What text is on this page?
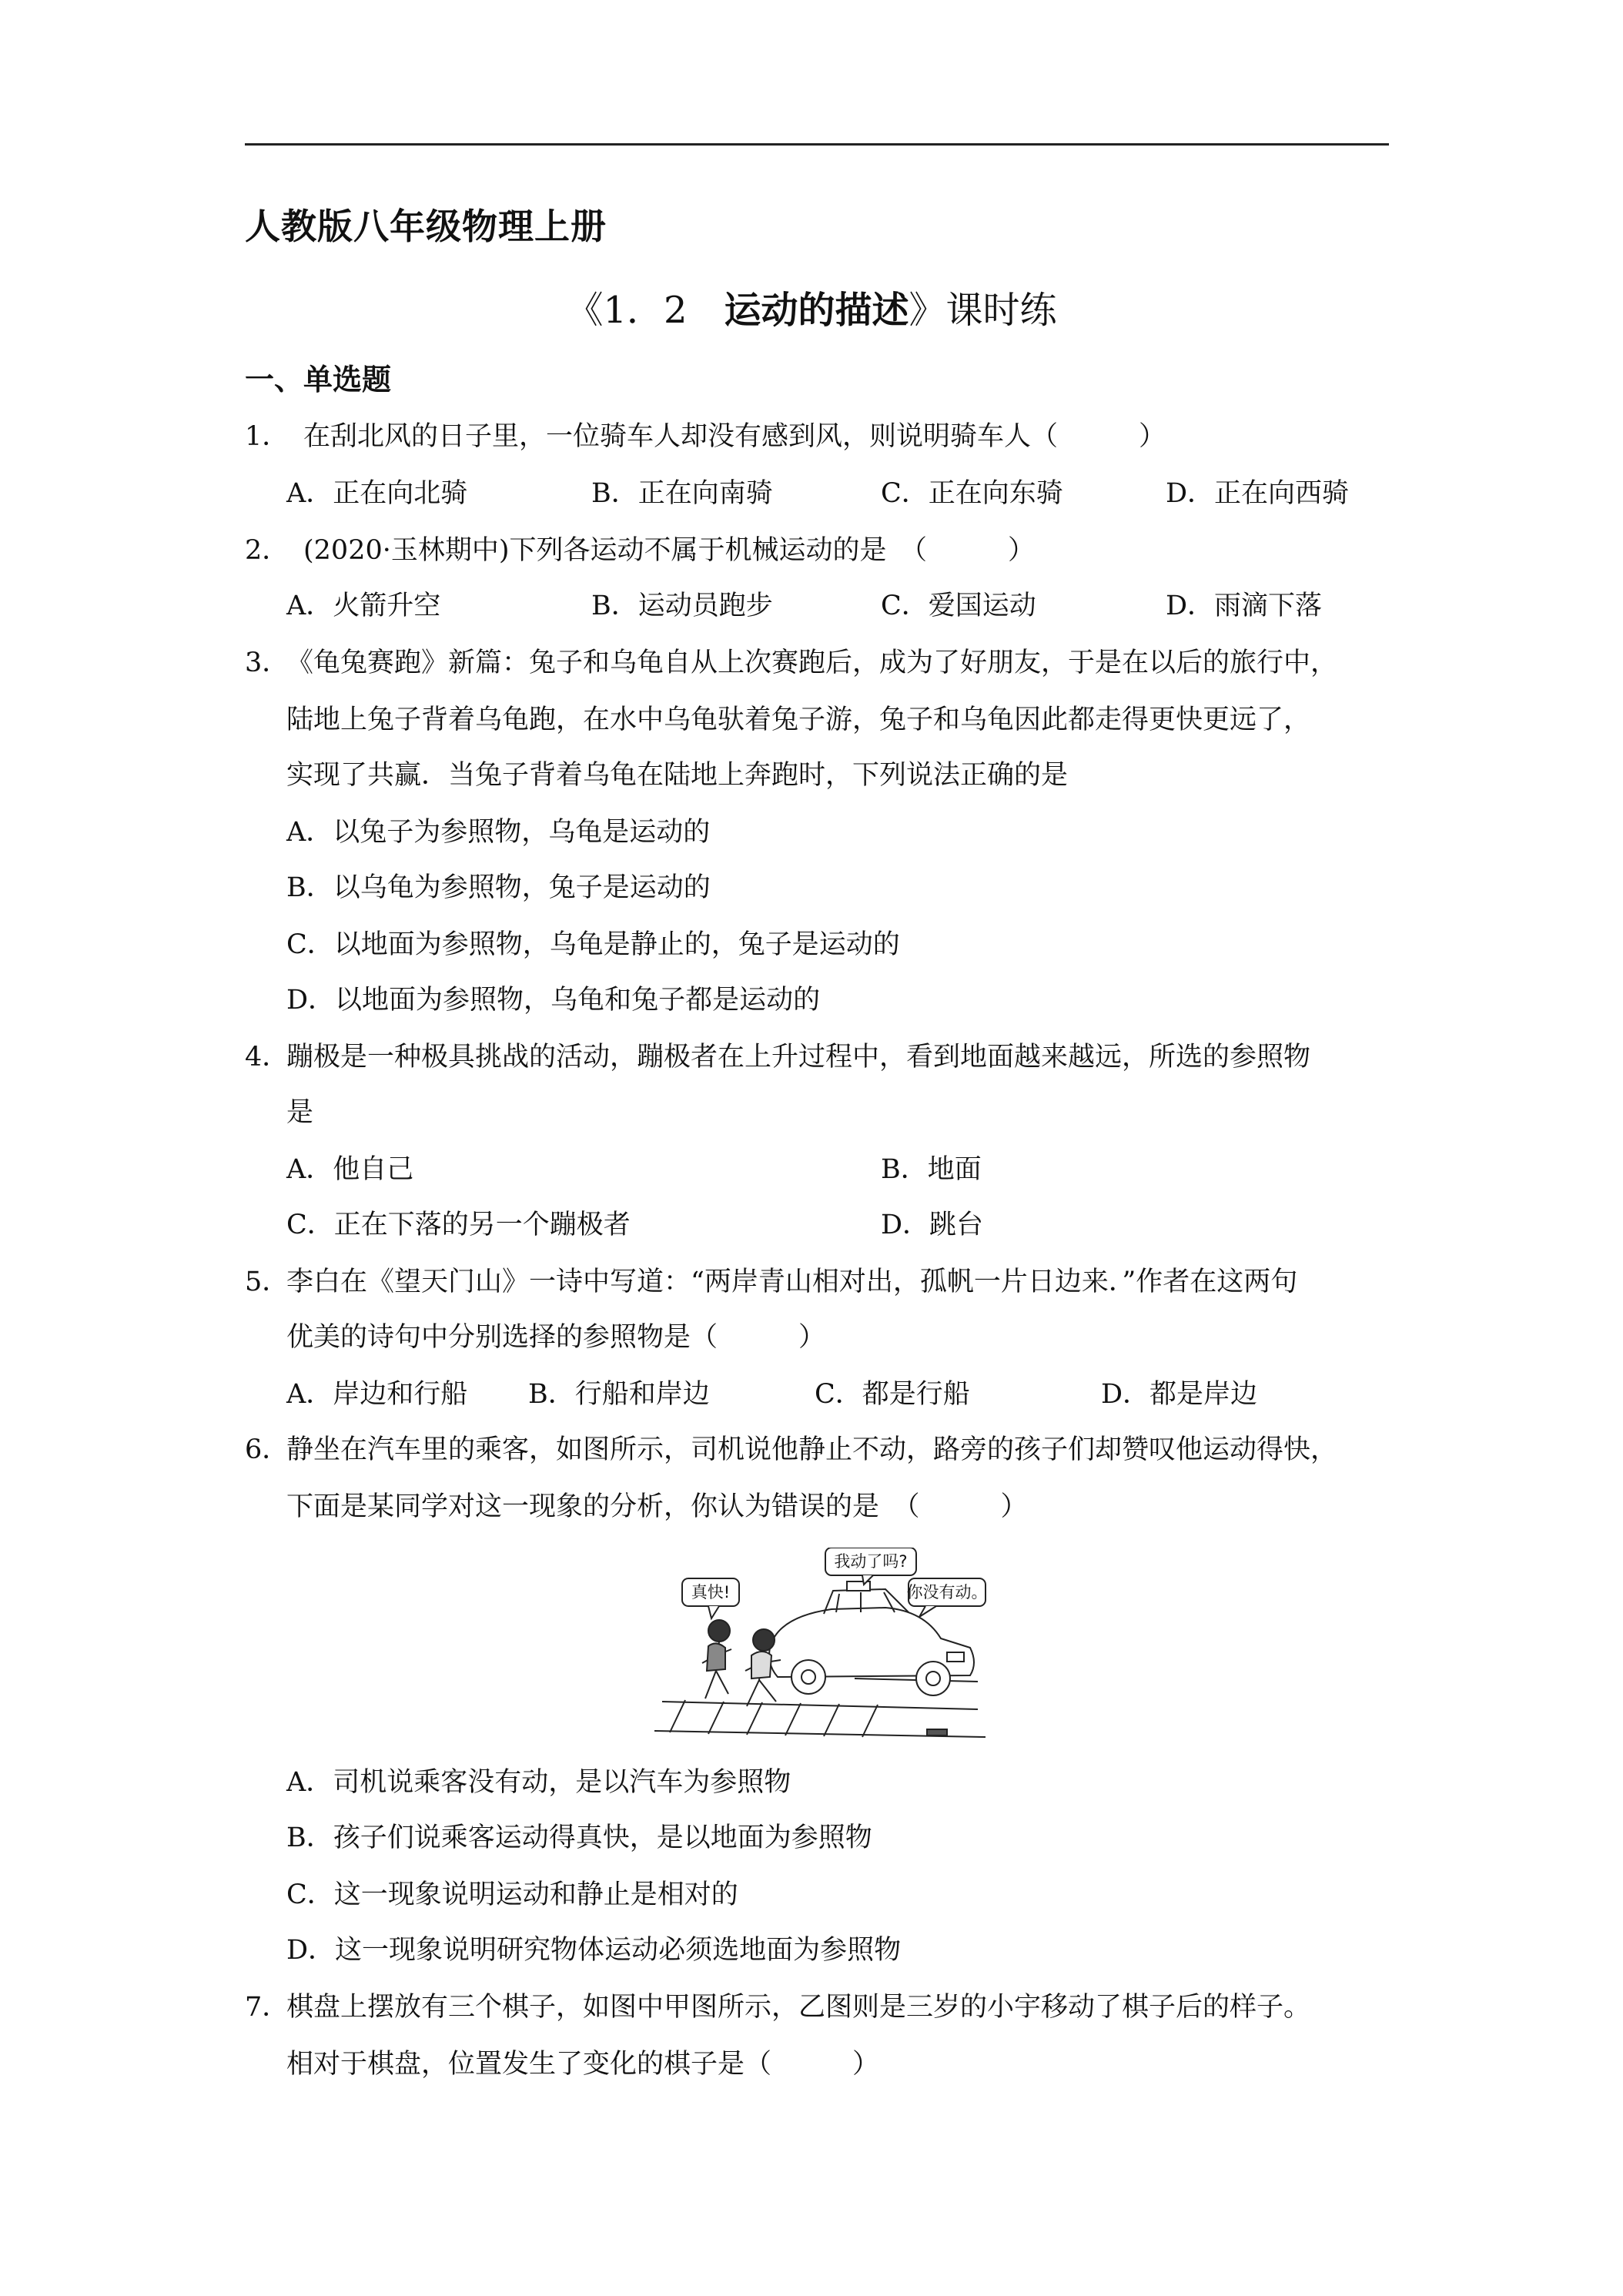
人教版八年级物理上册
《1．2　运动的描述》课时练
一、单选题
1． 在刮北风的日子里，一位骑车人却没有感到风，则说明骑车人（　　　）
A．正在向北骑	B．正在向南骑	C．正在向东骑	D．正在向西骑
2． (2020·玉林期中)下列各运动不属于机械运动的是　（　　　）
A．火箭升空	B．运动员跑步	C．爱国运动	D．雨滴下落
3．
《龟兔赛跑》新篇：兔子和乌龟自从上次赛跑后，成为了好朋友，于是在以后的旅行中，
陆地上兔子背着乌龟跑，在水中乌龟驮着兔子游，兔子和乌龟因此都走得更快更远了，
实现了共赢．当兔子背着乌龟在陆地上奔跑时，下列说法正确的是
A．以兔子为参照物，乌龟是运动的
B．以乌龟为参照物，兔子是运动的
C．以地面为参照物，乌龟是静止的，兔子是运动的
D．以地面为参照物，乌龟和兔子都是运动的
4．
蹦极是一种极具挑战的活动，蹦极者在上升过程中，看到地面越来越远，所选的参照物
是
A．他自己	B．地面
C．正在下落的另一个蹦极者	D．跳台
5．
李白在《望天门山》一诗中写道：“两岸青山相对出，孤帆一片日边来．”作者在这两句
优美的诗句中分别选择的参照物是（　　　）
A．岸边和行船 B．行船和岸边	C．都是行船	D．都是岸边
6．
静坐在汽车里的乘客，如图所示，司机说他静止不动，路旁的孩子们却赞叹他运动得快，
下面是某同学对这一现象的分析，你认为错误的是　（　　　）
真快!
我动了吗?
你没有动。
A．司机说乘客没有动，是以汽车为参照物
B．孩子们说乘客运动得真快，是以地面为参照物
C．这一现象说明运动和静止是相对的
D．这一现象说明研究物体运动必须选地面为参照物
7．
棋盘上摆放有三个棋子，如图中甲图所示，乙图则是三岁的小宇移动了棋子后的样子。
相对于棋盘，位置发生了变化的棋子是（　　　）
